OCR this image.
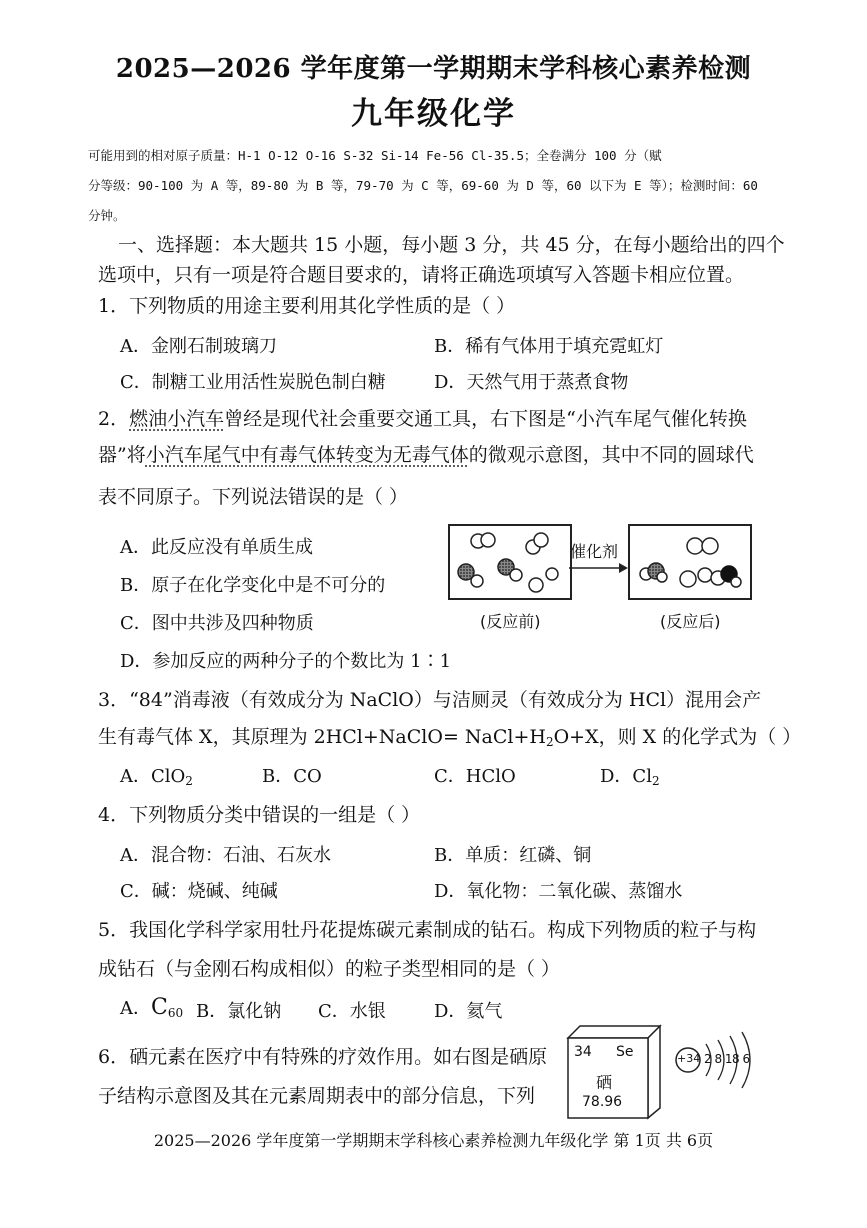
2025—2026 学年度第一学期期末学科核心素养检测
九年级化学
可能用到的相对原子质量：H-1 O-12 O-16 S-32 Si-14 Fe-56 Cl-35.5；全卷满分 100 分（赋
分等级：90-100 为 A 等，89-80 为 B 等，79-70 为 C 等，69-60 为 D 等，60 以下为 E 等）；检测时间：60
分钟。
一、选择题：本大题共 15 小题，每小题 3 分，共 45 分，在每小题给出的四个
选项中，只有一项是符合题目要求的，请将正确选项填写入答题卡相应位置。
1．下列物质的用途主要利用其化学性质的是（ ）
A．金刚石制玻璃刀	B．稀有气体用于填充霓虹灯
C．制糖工业用活性炭脱色制白糖	D．天然气用于蒸煮食物
2．燃油小汽车曾经是现代社会重要交通工具，右下图是“小汽车尾气催化转换
器”将小汽车尾气中有毒气体转变为无毒气体的微观示意图，其中不同的圆球代
表不同原子。下列说法错误的是（ ）
A．此反应没有单质生成
B．原子在化学变化中是不可分的
C．图中共涉及四种物质
D．参加反应的两种分子的个数比为 1∶1
催化剂
(反应前)	(反应后)
3．“84”消毒液（有效成分为 NaClO）与洁厕灵（有效成分为 HCl）混用会产
生有毒气体 X，其原理为 2HCl+NaClO= $NaCl+H_2O+X$，则 X 的化学式为（ ）
A．ClO$_2$	B．CO	C．HClO	D．$Cl_2$
4．下列物质分类中错误的一组是（ ）
A．混合物：石油、石灰水	B．单质：红磷、铜
C．碱：烧碱、纯碱	D．氧化物：二氧化碳、蒸馏水
5．我国化学科学家用牡丹花提炼碳元素制成的钻石。构成下列物质的粒子与构
成钻石（与金刚石构成相似）的粒子类型相同的是（ ）
A．$C_{60}$ B．氯化钠 C．水银	D．氦气
6．硒元素在医疗中有特殊的疗效作用。如右图是硒原
子结构示意图及其在元素周期表中的部分信息，下列
34 Se
硒
78.96
+34 2 8 18 6
2025—2026 学年度第一学期期末学科核心素养检测九年级化学 第 1页 共 6页
